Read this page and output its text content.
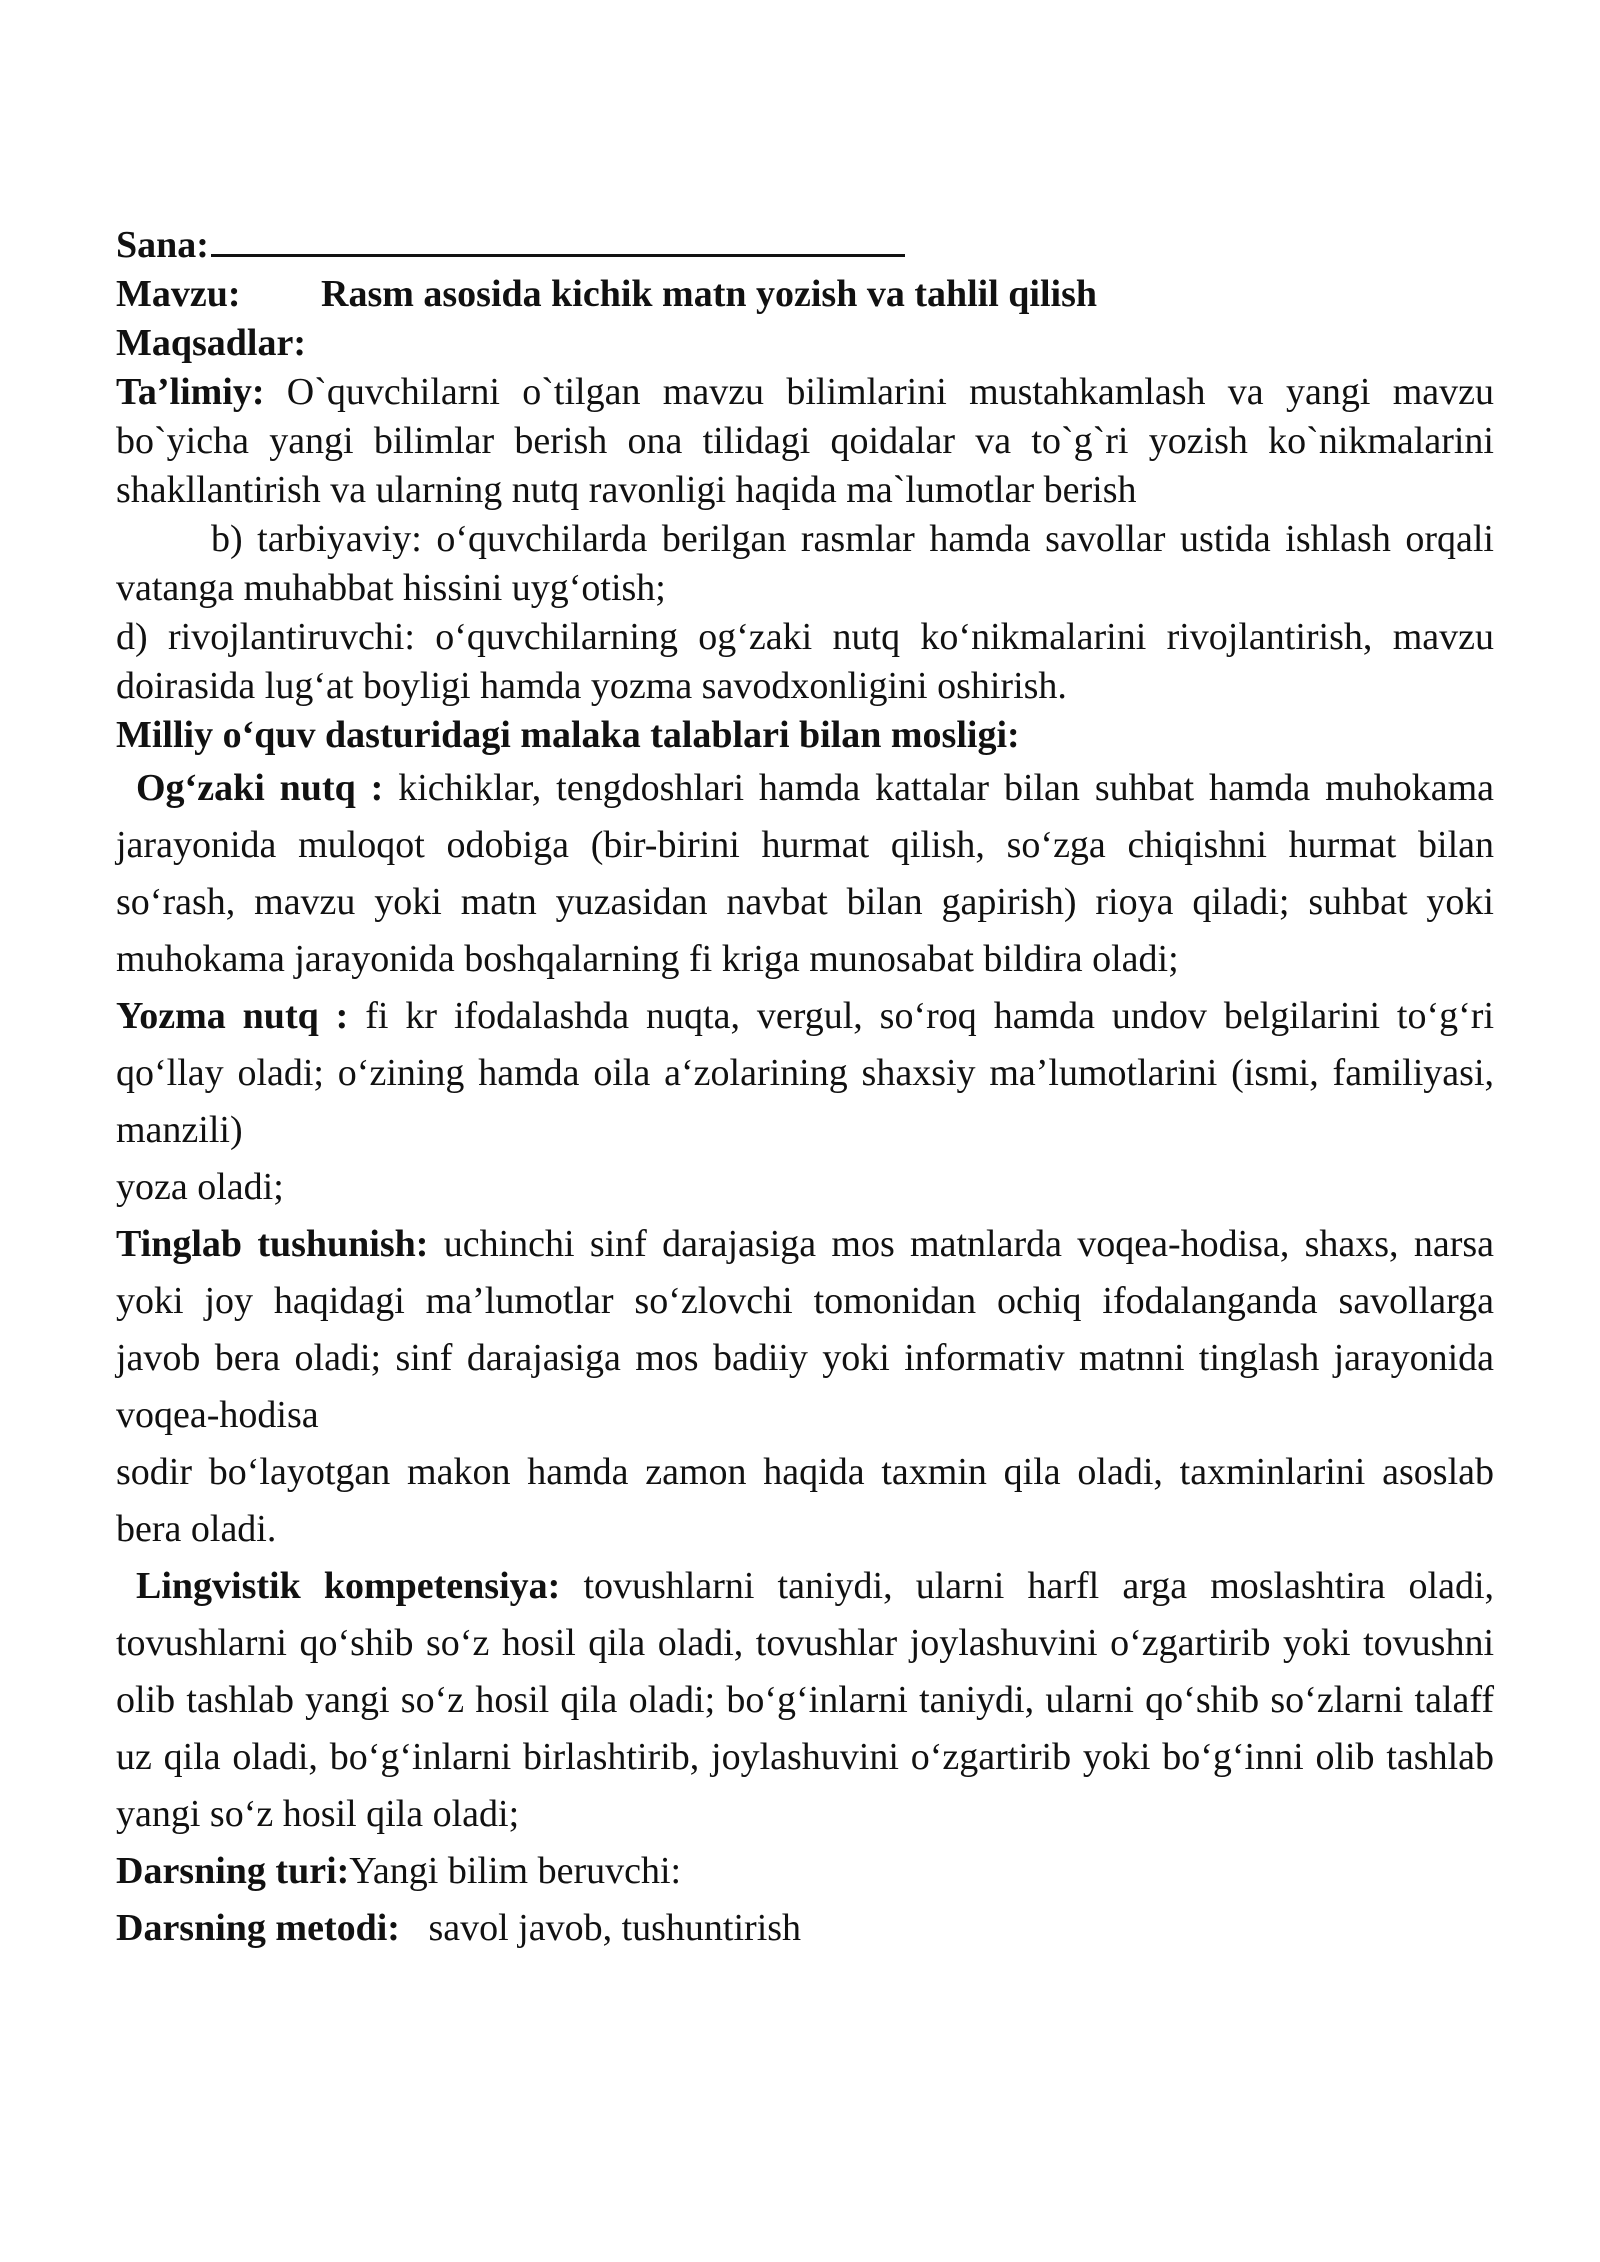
Sana:

Mavzu: Rasm asosida kichik matn yozish va tahlil qilish

Maqsadlar:

Ta’limiy: O`quvchilarni o`tilgan mavzu bilimlarini mustahkamlash va yangi mavzu bo`yicha yangi bilimlar berish ona tilidagi qoidalar va to`g`ri yozish ko`nikmalarini shakllantirish va ularning nutq ravonligi haqida ma`lumotlar berish

b) tarbiyaviy: o‘quvchilarda berilgan rasmlar hamda savollar ustida ishlash orqali vatanga muhabbat hissini uyg‘otish;

d) rivojlantiruvchi: o‘quvchilarning og‘zaki nutq ko‘nikmalarini rivojlantirish, mavzu doirasida lug‘at boyligi hamda yozma savodxonligini oshirish.

Milliy o‘quv dasturidagi malaka talablari bilan mosligi:

Og‘zaki nutq : kichiklar, tengdoshlari hamda kattalar bilan suhbat hamda muhokama jarayonida muloqot odobiga (bir-birini hurmat qilish, so‘zga chiqishni hurmat bilan so‘rash, mavzu yoki matn yuzasidan navbat bilan gapirish) rioya qiladi; suhbat yoki muhokama jarayonida boshqalarning fi kriga munosabat bildira oladi;

Yozma nutq : fi kr ifodalashda nuqta, vergul, so‘roq hamda undov belgilarini to‘g‘ri qo‘llay oladi; o‘zining hamda oila a‘zolarining shaxsiy ma’lumotlarini (ismi, familiyasi, manzili)

yoza oladi;

Tinglab tushunish: uchinchi sinf darajasiga mos matnlarda voqea-hodisa, shaxs, narsa yoki joy haqidagi ma’lumotlar so‘zlovchi tomonidan ochiq ifodalanganda savollarga javob bera oladi; sinf darajasiga mos badiiy yoki informativ matnni tinglash jarayonida voqea-hodisa

sodir bo‘layotgan makon hamda zamon haqida taxmin qila oladi, taxminlarini asoslab bera oladi.

Lingvistik kompetensiya: tovushlarni taniydi, ularni harfl arga moslashtira oladi, tovushlarni qo‘shib so‘z hosil qila oladi, tovushlar joylashuvini o‘zgartirib yoki tovushni olib tashlab yangi so‘z hosil qila oladi; bo‘g‘inlarni taniydi, ularni qo‘shib so‘zlarni talaff uz qila oladi, bo‘g‘inlarni birlashtirib, joylashuvini o‘zgartirib yoki bo‘g‘inni olib tashlab yangi so‘z hosil qila oladi;

Darsning turi:Yangi bilim beruvchi:

Darsning metodi:   savol javob, tushuntirish
